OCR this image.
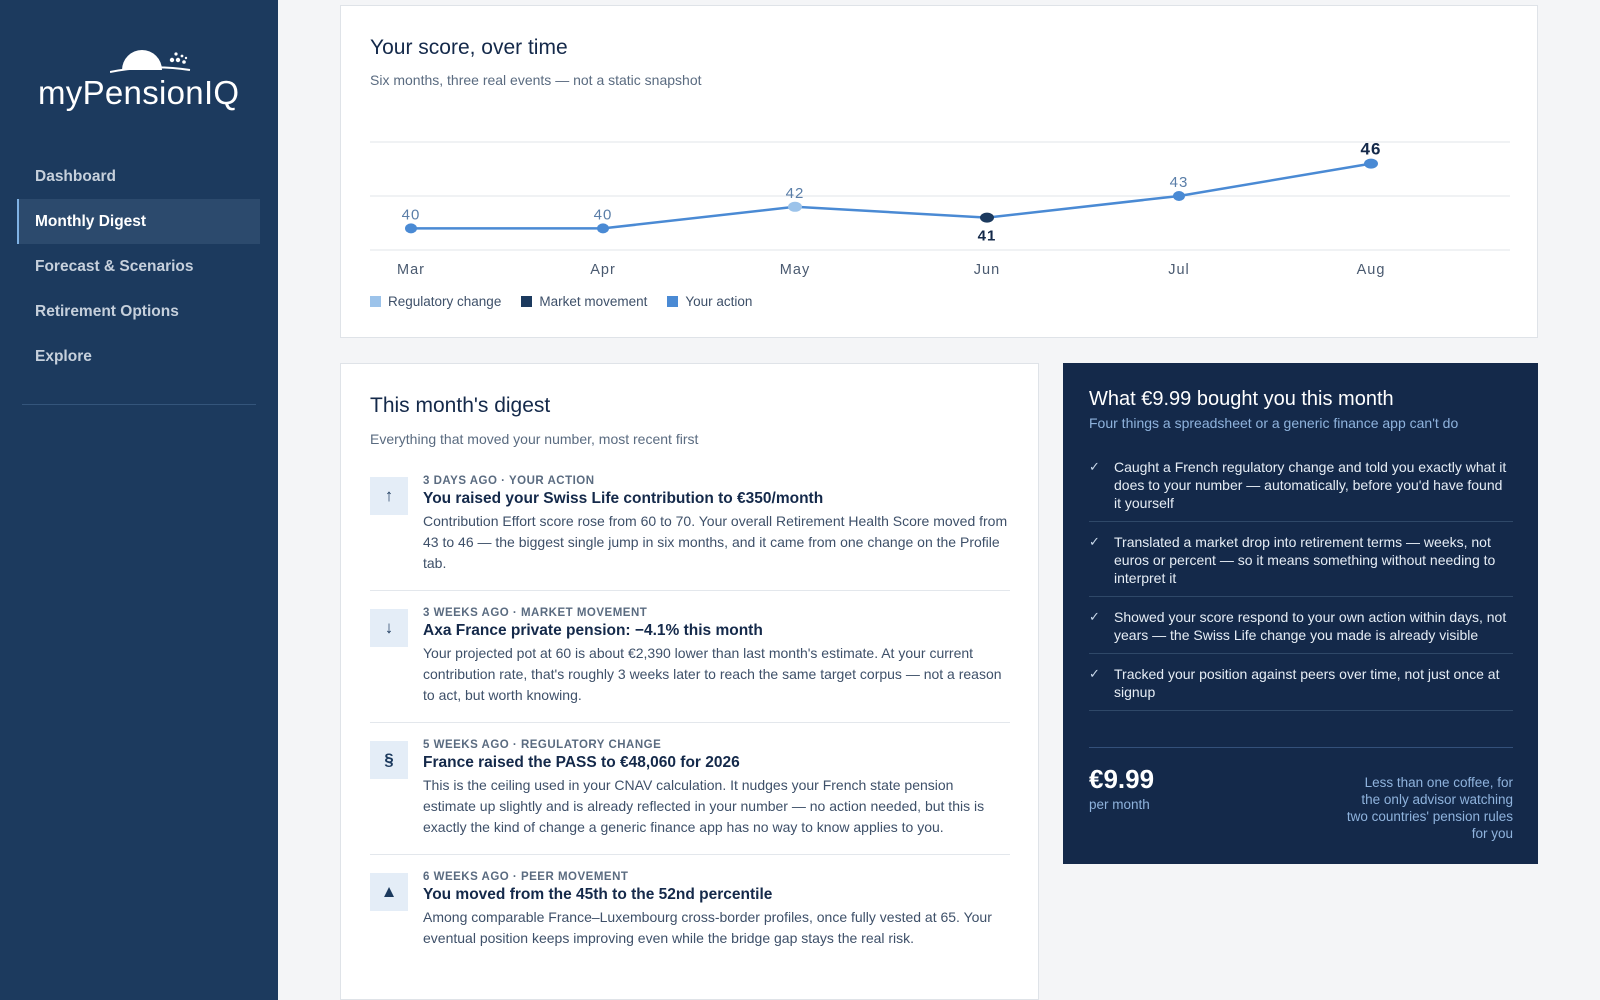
myPensionIQ
Dashboard
Monthly Digest
Forecast & Scenarios
Retirement Options
Explore
Your score, over time
Six months, three real events — not a static snapshot
40
Mar
40
Apr
42
May
41
Jun
43
Jul
46
Aug
Regulatory change	Market movement	Your action
This month's digest
Everything that moved your number, most recent first
↑
3 DAYS AGO · YOUR ACTION
You raised your Swiss Life contribution to €350/month
Contribution Effort score rose from 60 to 70. Your overall Retirement Health Score moved from 43 to 46 — the biggest single jump in six months, and it came from one change on the Profile tab.
↓
3 WEEKS AGO · MARKET MOVEMENT
Axa France private pension: −4.1% this month
Your projected pot at 60 is about €2,390 lower than last month's estimate. At your current contribution rate, that's roughly 3 weeks later to reach the same target corpus — not a reason to act, but worth knowing.
§
5 WEEKS AGO · REGULATORY CHANGE
France raised the PASS to €48,060 for 2026
This is the ceiling used in your CNAV calculation. It nudges your French state pension estimate up slightly and is already reflected in your number — no action needed, but this is exactly the kind of change a generic finance app has no way to know applies to you.
▲
6 WEEKS AGO · PEER MOVEMENT
You moved from the 45th to the 52nd percentile
Among comparable France–Luxembourg cross-border profiles, once fully vested at 65. Your eventual position keeps improving even while the bridge gap stays the real risk.
What €9.99 bought you this month
Four things a spreadsheet or a generic finance app can't do
✓ Caught a French regulatory change and told you exactly what it does to your number — automatically, before you'd have found it yourself
✓ Translated a market drop into retirement terms — weeks, not euros or percent — so it means something without needing to interpret it
✓ Showed your score respond to your own action within days, not years — the Swiss Life change you made is already visible
✓ Tracked your position against peers over time, not just once at signup
€9.99
per month
Less than one coffee, for the only advisor watching two countries' pension rules for you
